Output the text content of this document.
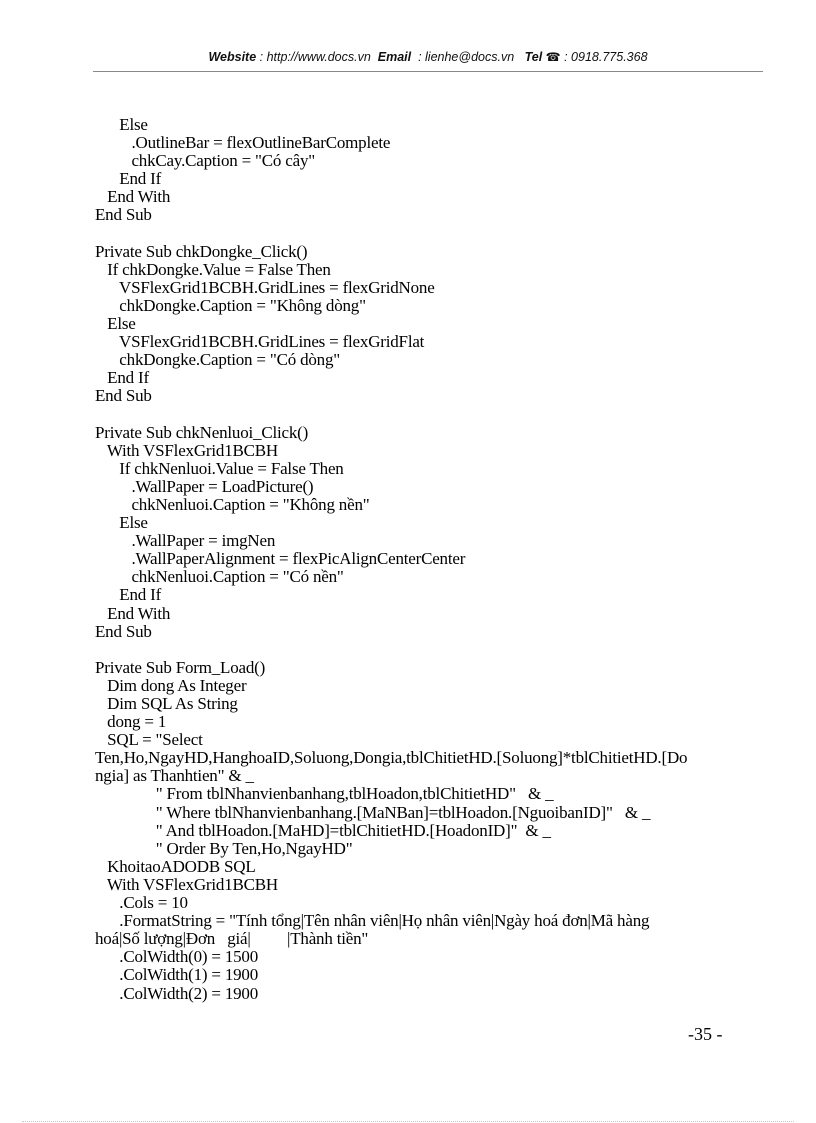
Website : http://www.docs.vn Email : lienhe@docs.vn Tel ☎ : 0918.775.368
Else
.OutlineBar = flexOutlineBarComplete
chkCay.Caption = "Có cây"
End If
End With
End Sub
Private Sub chkDongke_Click()
If chkDongke.Value = False Then
VSFlexGrid1BCBH.GridLines = flexGridNone
chkDongke.Caption = "Không dòng"
Else
VSFlexGrid1BCBH.GridLines = flexGridFlat
chkDongke.Caption = "Có dòng"
End If
End Sub
Private Sub chkNenluoi_Click()
With VSFlexGrid1BCBH
If chkNenluoi.Value = False Then
.WallPaper = LoadPicture()
chkNenluoi.Caption = "Không nền"
Else
.WallPaper = imgNen
.WallPaperAlignment = flexPicAlignCenterCenter
chkNenluoi.Caption = "Có nền"
End If
End With
End Sub
Private Sub Form_Load()
Dim dong As Integer
Dim SQL As String
dong = 1
SQL = "Select
Ten,Ho,NgayHD,HanghoaID,Soluong,Dongia,tblChitietHD.[Soluong]*tblChitietHD.[Do
ngia] as Thanhtien" & _
" From tblNhanvienbanhang,tblHoadon,tblChitietHD"   & _
" Where tblNhanvienbanhang.[MaNBan]=tblHoadon.[NguoibanID]"   & _
" And tblHoadon.[MaHD]=tblChitietHD.[HoadonID]"  & _
" Order By Ten,Ho,NgayHD"
KhoitaoADODB SQL
With VSFlexGrid1BCBH
.Cols = 10
.FormatString = "Tính tổng|Tên nhân viên|Họ nhân viên|Ngày hoá đơn|Mã hàng
hoá|Số lượng|Đơn   giá|         |Thành tiền"
.ColWidth(0) = 1500
.ColWidth(1) = 1900
.ColWidth(2) = 1900
-35 -
